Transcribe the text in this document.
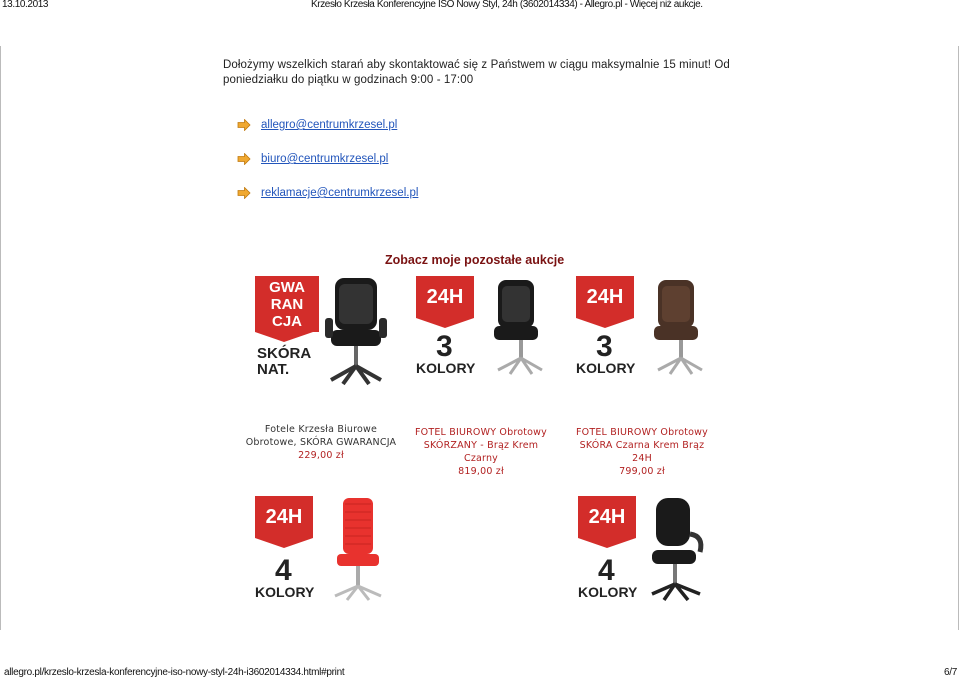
13.10.2013	Krzesło Krzesła Konferencyjne ISO Nowy Styl, 24h (3602014334) - Allegro.pl - Więcej niż aukcje.
Dołożymy wszelkich starań aby skontaktować się z Państwem w ciągu maksymalnie 15 minut! Od
poniedziałku do piątku w godzinach 9:00 - 17:00
allegro@centrumkrzesel.pl
biuro@centrumkrzesel.pl
reklamacje@centrumkrzesel.pl
Zobacz moje pozostałe aukcje
GWA
RAN
CJA
SKÓRA
NAT.
24H
3
KOLORY
24H
3
KOLORY
Fotele Krzesła Biurowe
Obrotowe, SKÓRA GWARANCJA
229,00 zł
FOTEL BIUROWY Obrotowy
SKÓRZANY - Brąz Krem
Czarny
819,00 zł
FOTEL BIUROWY Obrotowy
SKÓRA Czarna Krem Brąz
24H
799,00 zł
24H
4
KOLORY
24H
4
KOLORY
allegro.pl/krzeslo-krzesla-konferencyjne-iso-nowy-styl-24h-i3602014334.html#print	6/7
